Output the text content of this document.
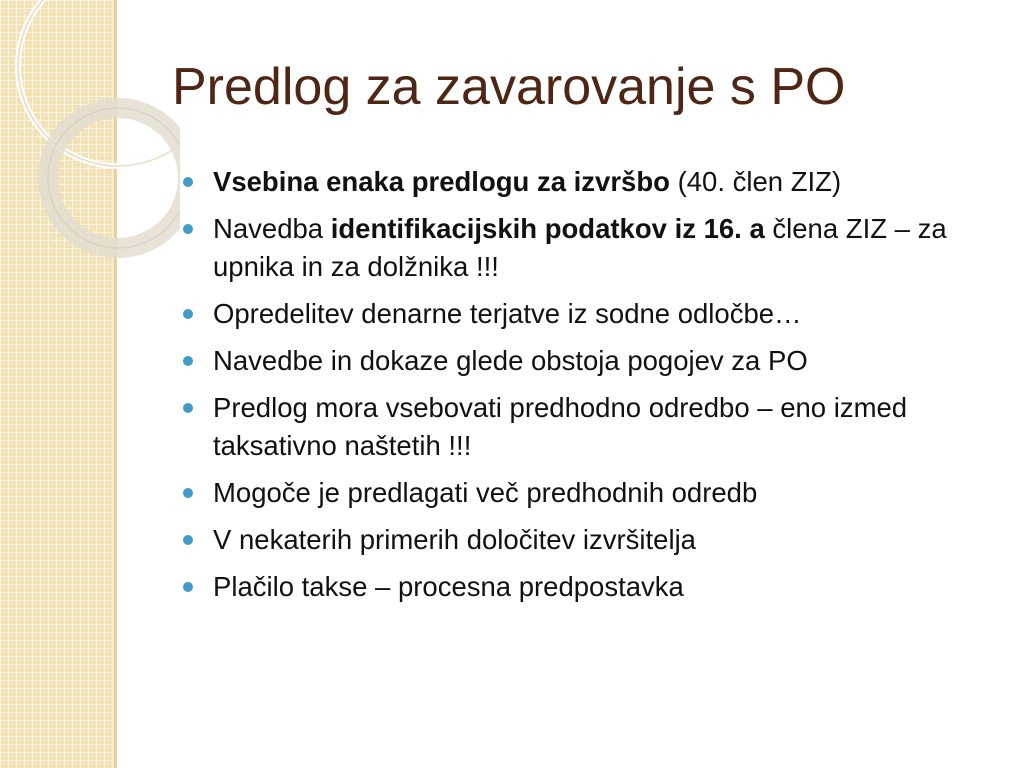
Predlog za zavarovanje s PO
Vsebina enaka predlogu za izvršbo (40. člen ZIZ)
Navedba identifikacijskih podatkov iz 16. a člena ZIZ – za upnika in za dolžnika !!!
Opredelitev denarne terjatve iz sodne odločbe…
Navedbe in dokaze glede obstoja pogojev za PO
Predlog mora vsebovati predhodno odredbo – eno izmed taksativno naštetih !!!
Mogoče je predlagati več predhodnih odredb
V nekaterih primerih določitev izvršitelja
Plačilo takse – procesna predpostavka
